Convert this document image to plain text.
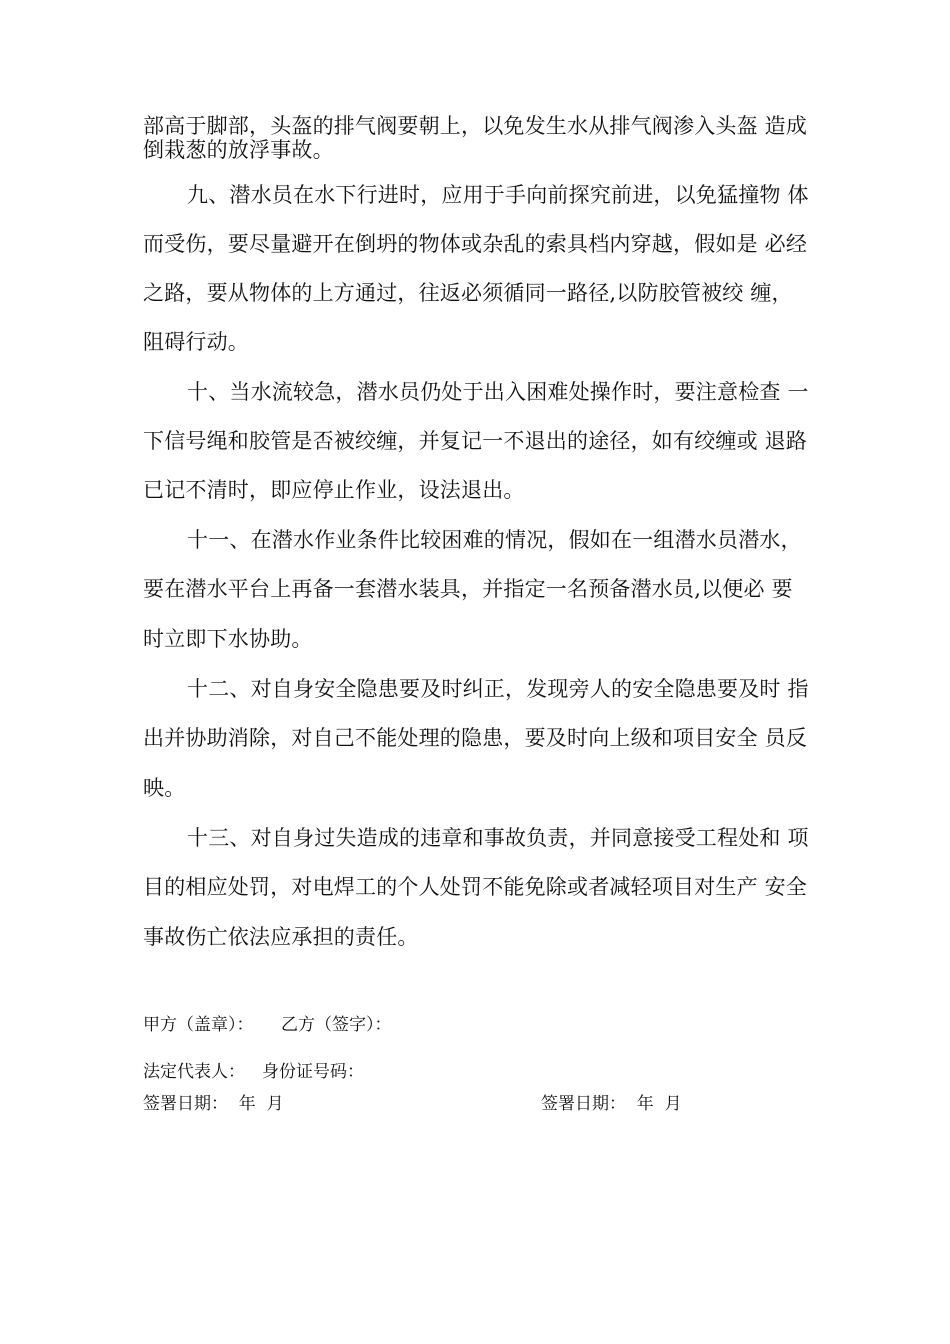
部高于脚部，头盔的排气阀要朝上，以免发生水从排气阀渗入头盔 造成
倒栽葱的放浮事故。
九、潜水员在水下行进时，应用于手向前探究前进，以免猛撞物 体
而受伤，要尽量避开在倒坍的物体或杂乱的索具档内穿越，假如是 必经
之路，要从物体的上方通过，往返必须循同一路径,以防胶管被绞 缠，
阻碍行动。
十、当水流较急，潜水员仍处于出入困难处操作时，要注意检查 一
下信号绳和胶管是否被绞缠，并复记一不退出的途径，如有绞缠或 退路
已记不清时，即应停止作业，设法退出。
十一、在潜水作业条件比较困难的情况，假如在一组潜水员潜水，
要在潜水平台上再备一套潜水装具，并指定一名预备潜水员,以便必 要
时立即下水协助。
十二、对自身安全隐患要及时纠正，发现旁人的安全隐患要及时 指
出并协助消除，对自己不能处理的隐患，要及时向上级和项目安全 员反
映。
十三、对自身过失造成的违章和事故负责，并同意接受工程处和 项
目的相应处罚，对电焊工的个人处罚不能免除或者减轻项目对生产 安全
事故伤亡依法应承担的责任。
甲方（盖章）： 乙方（签字）：
法定代表人： 身份证号码：
签署日期：  年  月	签署日期：  年  月
